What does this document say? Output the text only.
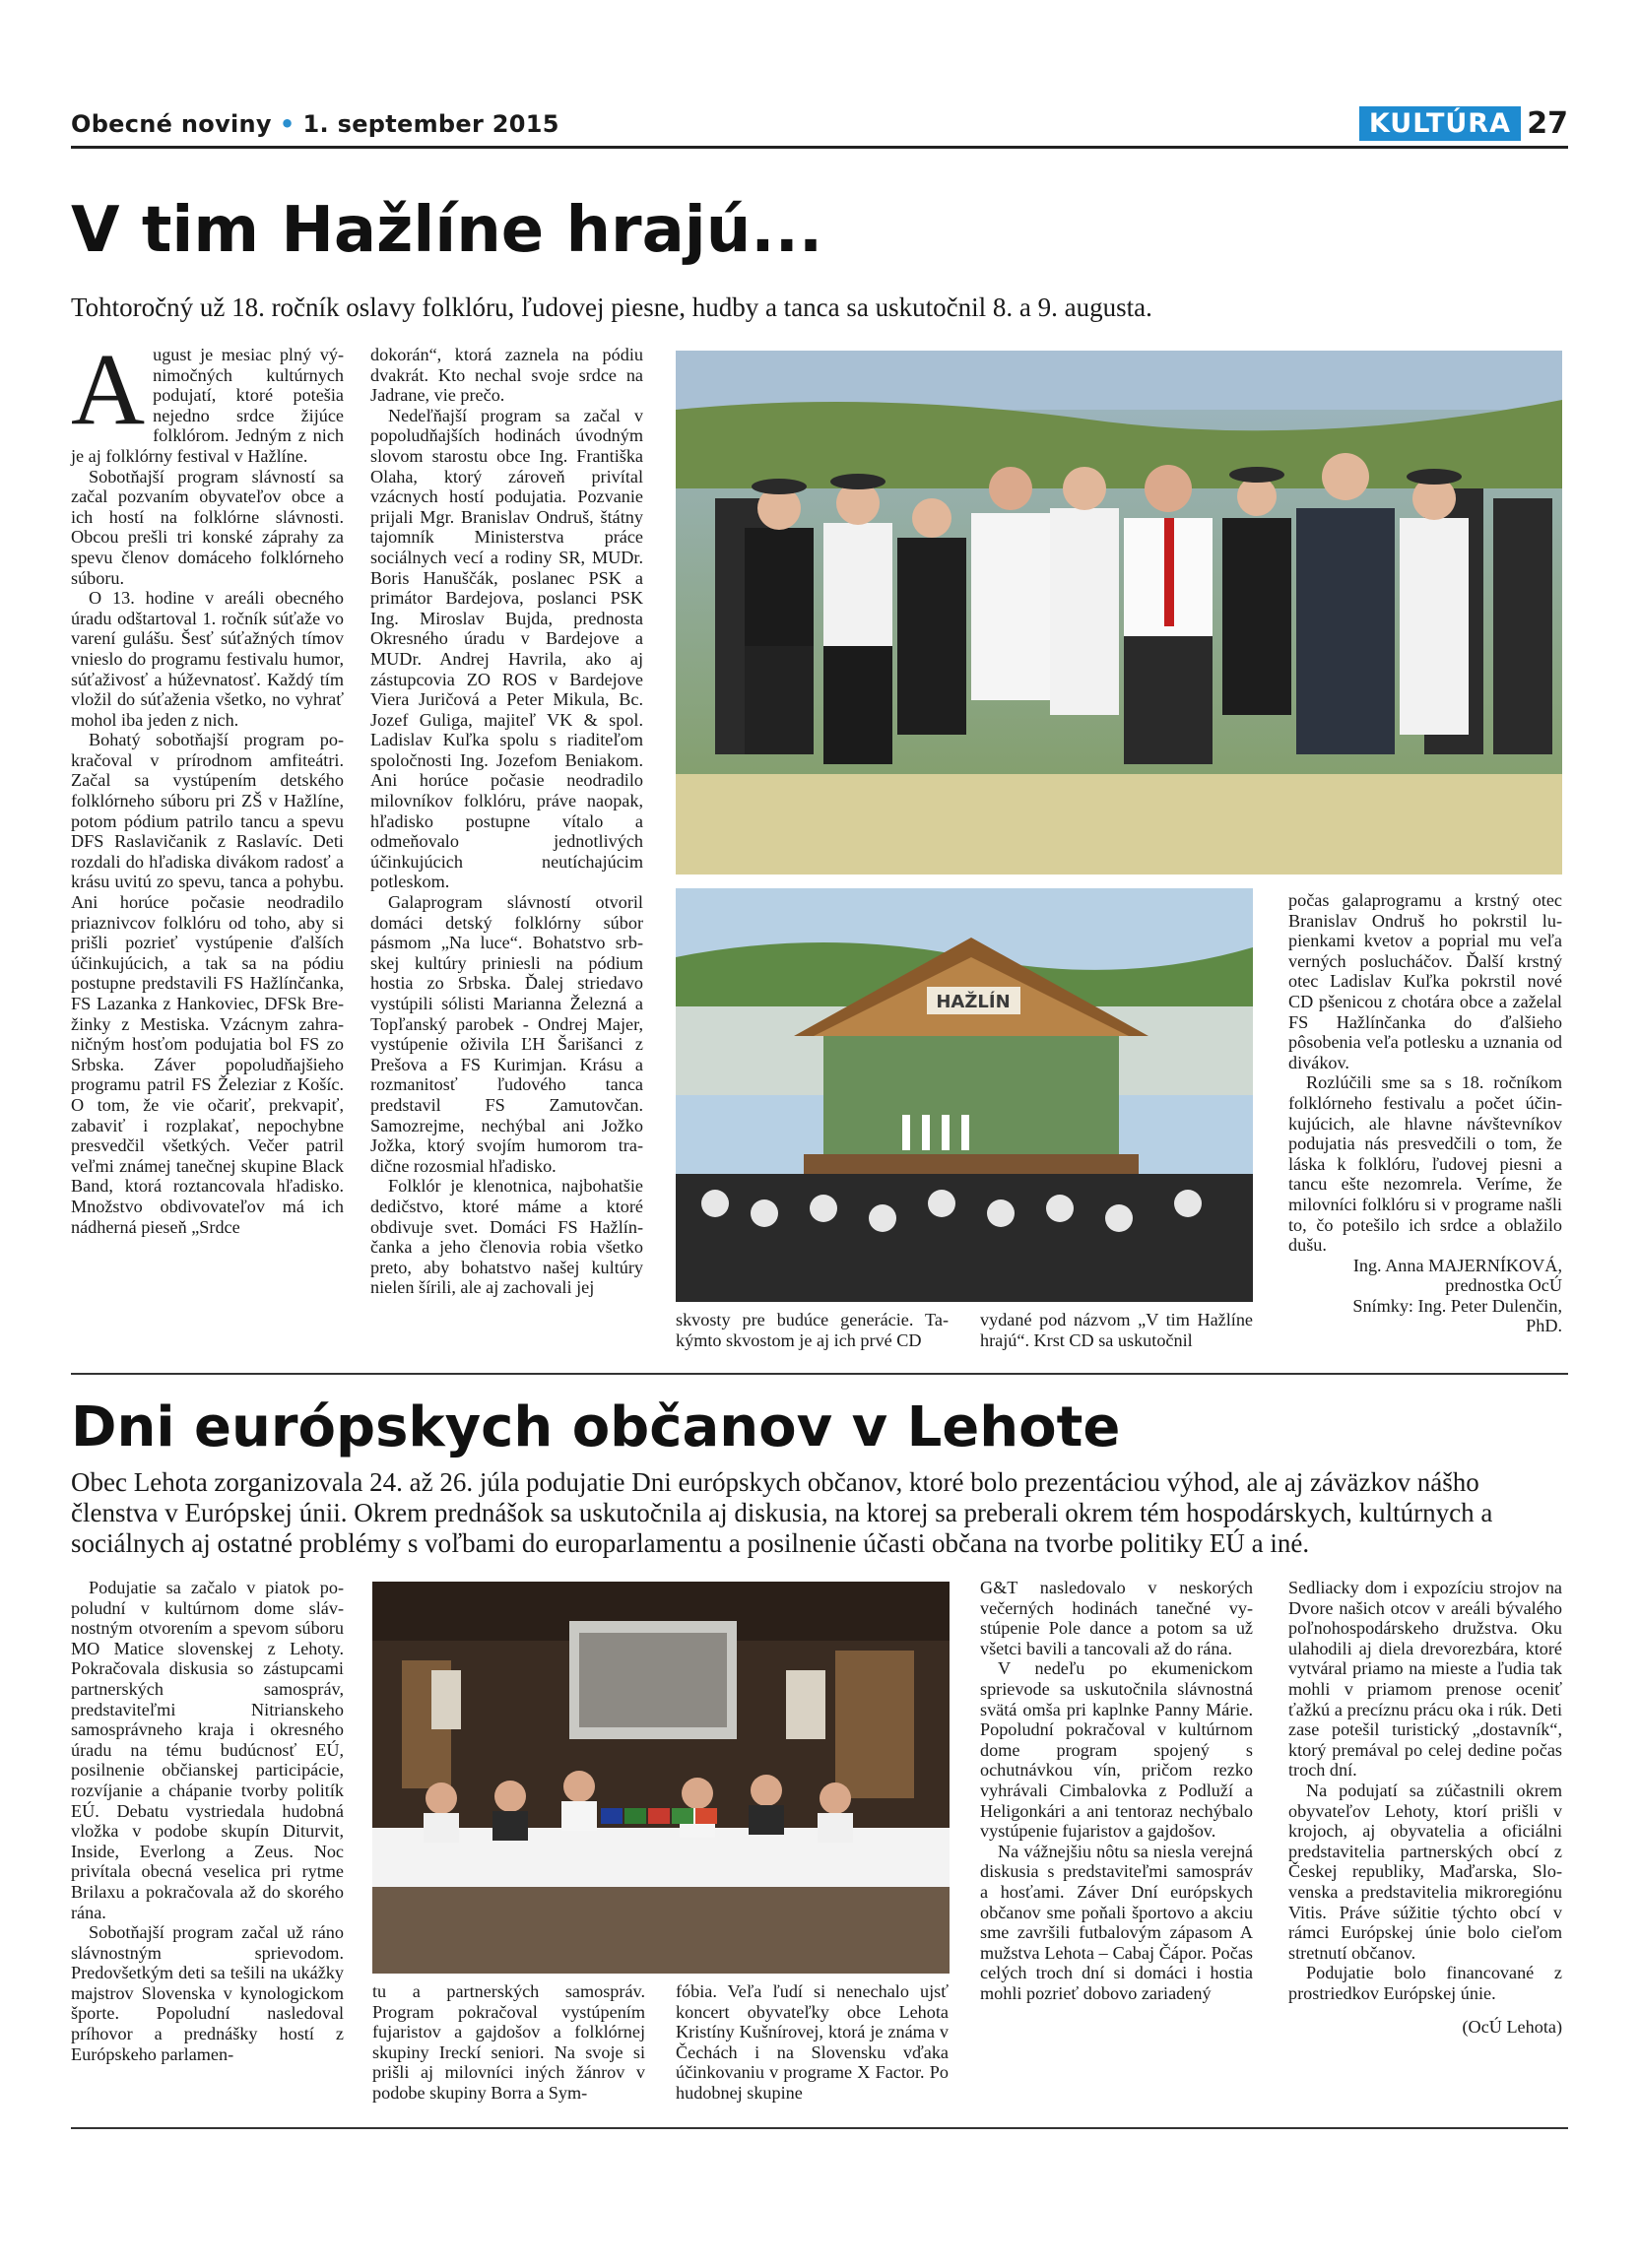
Obecné noviny • 1. september 2015	KULTÚRA 27
V tim Hažlíne hrajú...
Tohtoročný už 18. ročník oslavy folklóru, ľudovej piesne, hudby a tanca sa uskutočnil 8. a 9. augusta.

August je mesiac plný výnimočných kultúrnych podujatí, ktoré potešia nejedno srdce žijúce folklórom. Jedným z nich je aj folklórny festival v Hažlíne.

Sobotňajší program slávností sa začal pozvaním obyvateľov obce a ich hostí na folklórne slávnosti. Obcou prešli tri konské záprahy za spevu členov domáceho folklórneho súboru.

O 13. hodine v areáli obecného úradu odštartoval 1. ročník súťaže vo varení gulášu. Šesť súťažných tímov vnieslo do programu festivalu humor, súťaživosť a húževnatosť. Každý tím vložil do súťaženia všetko, no vyhrať mohol iba jeden z nich.

Bohatý sobotňajší program pokračoval v prírodnom amfiteátri. Začal sa vystúpením detského folklórneho súboru pri ZŠ v Hažlíne, potom pódium patrilo tancu a spevu DFS Raslavičanik z Raslavíc. Deti rozdali do hľadiska divákom radosť a krásu uvitú zo spevu, tanca a pohybu. Ani horúce počasie neodradilo priaznivcov folklóru od toho, aby si prišli pozrieť vystúpenie ďalších účinkujúcich, a tak sa na pódiu postupne predstavili FS Hažlínčanka, FS Lazanka z Hankoviec, DFSk Brežinky z Mestiska. Vzácnym zahraničným hosťom podujatia bol FS zo Srbska. Záver popoludňajšieho programu patril FS Železiar z Košíc. O tom, že vie očariť, prekvapiť, zabaviť i rozplakať, nepochybne presvedčil všetkých. Večer patril veľmi známej tanečnej skupine Black Band, ktorá roztancovala hľadisko. Množstvo obdivovateľov má ich nádherná pieseň „Srdce

dokorán“, ktorá zaznela na pódiu dvakrát. Kto nechal svoje srdce na Jadrane, vie prečo.

Nedeľňajší program sa začal v popoludňajších hodinách úvodným slovom starostu obce Ing. Františka Olaha, ktorý zároveň privítal vzácnych hostí podujatia. Pozvanie prijali Mgr. Branislav Ondruš, štátny tajomník Ministerstva práce sociálnych vecí a rodiny SR, MUDr. Boris Hanuščák, poslanec PSK a primátor Bardejova, poslanci PSK Ing. Miroslav Bujda, prednosta Okresného úradu v Bardejove a MUDr. Andrej Havrila, ako aj zástupcovia ZO ROS v Bardejove Viera Juričová a Peter Mikula, Bc. Jozef Guliga, majiteľ VK & spol. Ladislav Kuľka spolu s riaditeľom spoločnosti Ing. Jozefom Beniakom. Ani horúce počasie neodradilo milovníkov folklóru, práve naopak, hľadisko postupne vítalo a odmeňovalo jednotlivých účinkujúcich neutíchajúcim potleskom.

Galaprogram slávností otvoril domáci detský folklórny súbor pásmom „Na luce“. Bohatstvo srbskej kultúry priniesli na pódium hostia zo Srbska. Ďalej striedavo vystúpili sólisti Marianna Železná a Topľanský parobek - Ondrej Majer, vystúpenie oživila ĽH Šarišanci z Prešova a FS Kurimjan. Krásu a rozmanitosť ľudového tanca predstavil FS Zamutovčan. Samozrejme, nechýbal ani Jožko Jožka, ktorý svojím humorom tradične rozosmial hľadisko.

Folklór je klenotnica, najbohatšie dedičstvo, ktoré máme a ktoré obdivuje svet. Domáci FS Hažlínčanka a jeho členovia robia všetko preto, aby bohatstvo našej kultúry nielen šírili, ale aj zachovali jej

HAŽLÍN

skvosty pre budúce generácie. Takýmto skvostom je aj ich prvé CD

vydané pod názvom „V tim Hažlíne hrajú“. Krst CD sa uskutočnil

počas galaprogramu a krstný otec Branislav Ondruš ho pokrstil lupienkami kvetov a poprial mu veľa verných poslucháčov. Ďalší krstný otec Ladislav Kuľka pokrstil nové CD pšenicou z chotára obce a zaželal FS Hažlínčanka do ďalšieho pôsobenia veľa potlesku a uznania od divákov.

Rozlúčili sme sa s 18. ročníkom folklórneho festivalu a počet účinkujúcich, ale hlavne návštevníkov podujatia nás presvedčili o tom, že láska k folklóru, ľudovej piesni a tancu ešte nezomrela. Veríme, že milovníci folklóru si v programe našli to, čo potešilo ich srdce a oblažilo dušu.

Ing. Anna MAJERNÍKOVÁ,
prednostka OcÚ
Snímky: Ing. Peter Dulenčin,
PhD.
Dni európskych občanov v Lehote
Obec Lehota zorganizovala 24. až 26. júla podujatie Dni európskych občanov, ktoré bolo prezentáciou výhod, ale aj záväzkov nášho členstva v Európskej únii. Okrem prednášok sa uskutočnila aj diskusia, na ktorej sa preberali okrem tém hospodárskych, kultúrnych a sociálnych aj ostatné problémy s voľbami do europarlamentu a posilnenie účasti občana na tvorbe politiky EÚ a iné.

Podujatie sa začalo v piatok popoludní v kultúrnom dome slávnostným otvorením a spevom súboru MO Matice slovenskej z Lehoty. Pokračovala diskusia so zástupcami partnerských samospráv, predstaviteľmi Nitrianskeho samosprávneho kraja i okresného úradu na tému budúcnosť EÚ, posilnenie občianskej participácie, rozvíjanie a chápanie tvorby politík EÚ. Debatu vystriedala hudobná vložka v podobe skupín Diturvit, Inside, Everlong a Zeus. Noc privítala obecná veselica pri rytme Brilaxu a pokračovala až do skorého rána.

Sobotňajší program začal už ráno slávnostným sprievodom. Predovšetkým deti sa tešili na ukážky majstrov Slovenska v kynologickom športe. Popoludní nasledoval príhovor a prednášky hostí z Európskeho parlamen-

tu a partnerských samospráv. Program pokračoval vystúpením fujaristov a gajdošov a folklórnej skupiny Ireckí seniori. Na svoje si prišli aj milovníci iných žánrov v podobe skupiny Borra a Sym-

fóbia. Veľa ľudí si nenechalo ujsť koncert obyvateľky obce Lehota Kristíny Kušnírovej, ktorá je známa v Čechách i na Slovensku vďaka účinkovaniu v programe X Factor. Po hudobnej skupine

G&T nasledovalo v neskorých večerných hodinách tanečné vystúpenie Pole dance a potom sa už všetci bavili a tancovali až do rána.

V nedeľu po ekumenickom sprievode sa uskutočnila slávnostná svätá omša pri kaplnke Panny Márie. Popoludní pokračoval v kultúrnom dome program spojený s ochutnávkou vín, pričom rezko vyhrávali Cimbalovka z Podluží a Heligonkári a ani tentoraz nechýbalo vystúpenie fujaristov a gajdošov.

Na vážnejšiu nôtu sa niesla verejná diskusia s predstaviteľmi samospráv a hosťami. Záver Dní európskych občanov sme poňali športovo a akciu sme završili futbalovým zápasom A mužstva Lehota – Cabaj Čápor. Počas celých troch dní si domáci i hostia mohli pozrieť dobovo zariadený

Sedliacky dom i expozíciu strojov na Dvore našich otcov v areáli bývalého poľnohospodárskeho družstva. Oku ulahodili aj diela drevorezbára, ktoré vytváral priamo na mieste a ľudia tak mohli v priamom prenose oceniť ťažkú a precíznu prácu oka i rúk. Deti zase potešil turistický „dostavník“, ktorý premával po celej dedine počas troch dní.

Na podujatí sa zúčastnili okrem obyvateľov Lehoty, ktorí prišli v krojoch, aj obyvatelia a oficiálni predstavitelia partnerských obcí z Českej republiky, Maďarska, Slovenska a predstavitelia mikroregiónu Vitis. Práve súžitie týchto obcí v rámci Európskej únie bolo cieľom stretnutí občanov.

Podujatie bolo financované z prostriedkov Európskej únie.

(OcÚ Lehota)
